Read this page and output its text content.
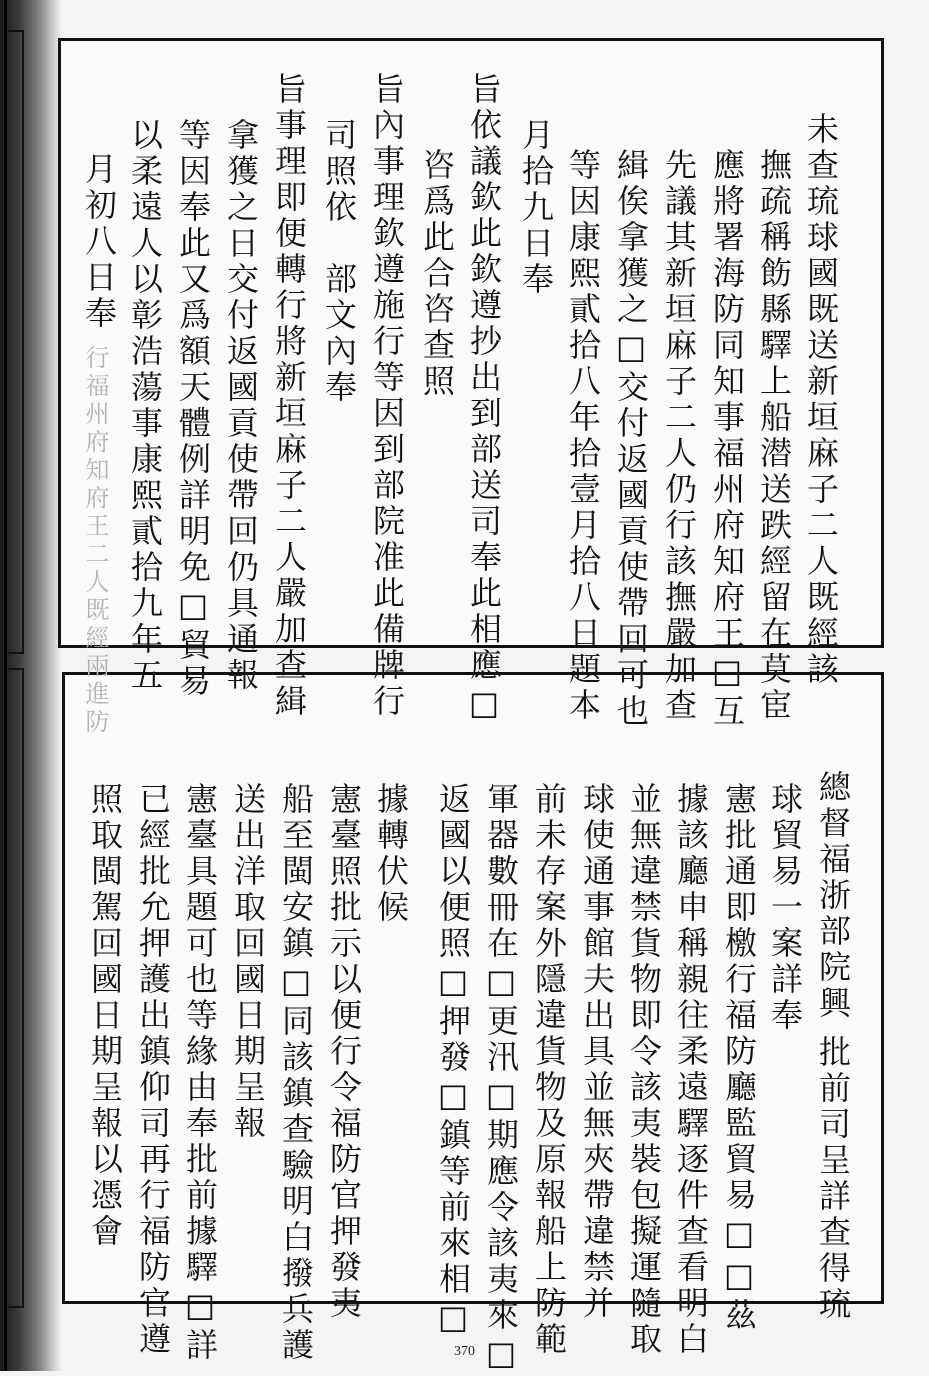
未查琉球國既送新垣麻子二人既經該
撫疏稱飭縣驛上船潜送跌經留在莫宦
應將署海防同知事福州府知府王□互
先議其新垣麻子二人仍行該撫嚴加查
緝俟拿獲之□交付返國貢使帶回可也
等因康熙貳拾八年拾壹月拾八日題本
月拾九日奉
旨依議欽此欽遵抄出到部送司奉此相應□
咨爲此合咨查照
旨內事理欽遵施行等因到部院准此備牌行
司照依　部文內奉
旨事理即便轉行將新垣麻子二人嚴加查緝
拿獲之日交付返國貢使帶回仍具通報
等因奉此又爲額天體例詳明免□貿易
以柔遠人以彰浩蕩事康熙貳拾九年五
月初八日奉
行福州府知府王二人既經兩進防
批前司呈詳查得琉
總督福浙部院興
球貿易一案詳奉
憲批通即檄行福防廳監貿易□□茲
據該廳申稱親往柔遠驛逐件查看明白
並無違禁貨物即令該夷裝包擬運隨取
球使通事館夫出具並無夾帶違禁并
前未存案外隱違貨物及原報船上防範
軍器數冊在□更汛□期應令該夷來□
返國以便照□押發□鎮等前來相□
據轉伏候
憲臺照批示以便行令福防官押發夷
船至閩安鎮□同該鎮查驗明白撥兵護
送出洋取回國日期呈報
憲臺具題可也等緣由奉批前據驛□詳
已經批允押護出鎮仰司再行福防官遵
照取閩駕回國日期呈報以憑會
370
